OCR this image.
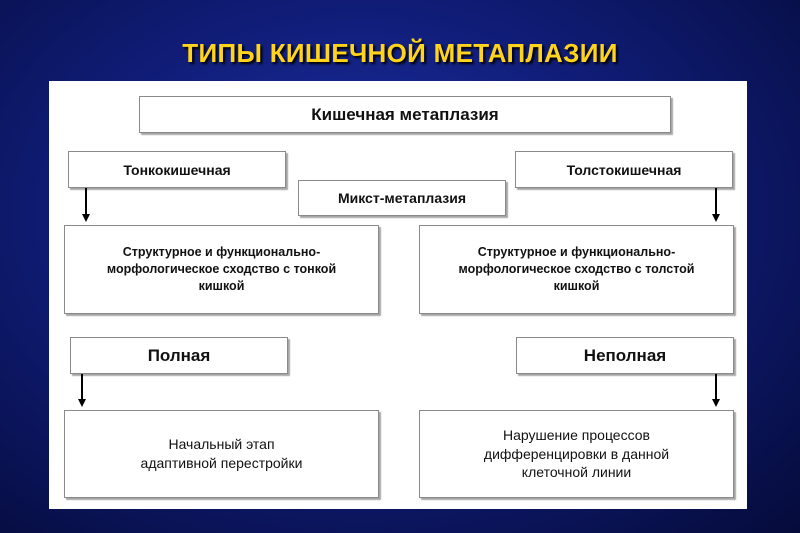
ТИПЫ КИШЕЧНОЙ МЕТАПЛАЗИИ
Кишечная метаплазия
Тонкокишечная	Толстокишечная
Микст-метаплазия
Структурное и функционально-морфологическое сходство с тонкой кишкой
Структурное и функционально-морфологическое сходство с толстой кишкой
Полная	Неполная
Начальный этап адаптивной перестройки
Нарушение процессов дифференцировки в данной клеточной линии
